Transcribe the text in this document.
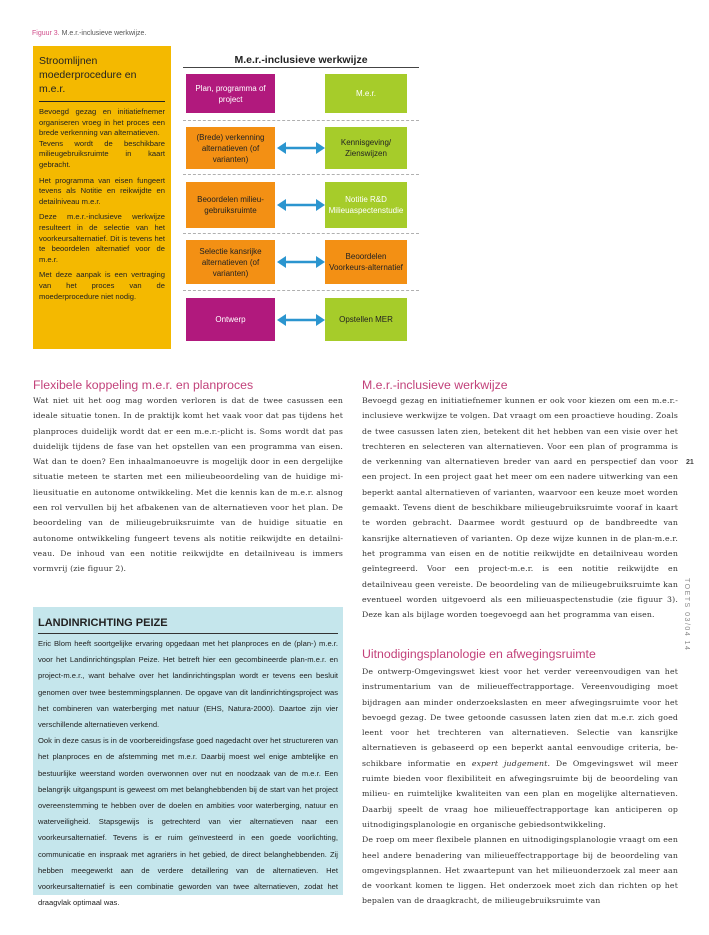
Figuur 3. M.e.r.-inclusieve werkwijze.
Stroomlijnen moederprocedure en m.e.r.
Bevoegd gezag en initiatiefnemer organiseren vroeg in het proces een brede verkenning van alternatieven.
Tevens wordt de beschikbare milieugebruiksruimte in kaart gebracht.
Het programma van eisen fungeert tevens als Notitie en reikwijdte en detailniveau m.e.r.
Deze m.e.r.-inclusieve werkwijze resulteert in de selectie van het voorkeursalternatief. Dit is tevens het te beoordelen alternatief voor de m.e.r.
Met deze aanpak is een vertraging van het proces van de moederprocedure niet nodig.
M.e.r.-inclusieve werkwijze
Plan, programma of project
M.e.r.
(Brede) verkenning alternatieven (of varianten)
Kennisgeving/ Zienswijzen
Beoordelen milieugebruiksruimte
Notitie R&D Milieuaspectenstudie
Selectie kansrijke alternatieven (of varianten)
Beoordelen Voorkeurs-alternatief
Ontwerp	Opstellen MER
Flexibele koppeling m.e.r. en planproces
Wat niet uit het oog mag worden verloren is dat de twee casussen een ideale situatie tonen. In de praktijk komt het vaak voor dat pas tijdens het planproces duidelijk wordt dat er een m.e.r.-plicht is. Soms wordt dat pas duidelijk tijdens de fase van het opstellen van een programma van eisen. Wat dan te doen? Een inhaalmanoeuvre is mogelijk door in een dergelijke situatie meteen te starten met een milieubeoordeling van de huidige milieusituatie en autonome ontwikkeling. Met die kennis kan de m.e.r. alsnog een rol vervullen bij het afbakenen van de alternatieven voor het plan. De beoordeling van de milieugebruiksruimte van de huidige situatie en autonome ontwikkeling fungeert tevens als notitie reikwijdte en detailniveau. De inhoud van een notitie reikwijdte en detailniveau is immers vormvrij (zie figuur 2).
LANDINRICHTING PEIZE
Eric Blom heeft soortgelijke ervaring opgedaan met het planproces en de (plan-) m.e.r. voor het Landinrichtingsplan Peize. Het betreft hier een gecombineerde plan-m.e.r. en project-m.e.r., want behalve over het landinrichtingsplan wordt er tevens een besluit genomen over twee bestemmingsplannen. De opgave van dit landinrichtingsproject was het combineren van waterberging met natuur (EHS, Natura-2000). Daartoe zijn vier verschillende alternatieven verkend.
Ook in deze casus is in de voorbereidingsfase goed nagedacht over het structureren van het planproces en de afstemming met m.e.r. Daarbij moest wel enige ambtelijke en bestuurlijke weerstand worden overwonnen over nut en noodzaak van de m.e.r. Een belangrijk uitgangspunt is geweest om met belanghebbenden bij de start van het project overeenstemming te hebben over de doelen en ambities voor waterberging, natuur en waterveiligheid. Stapsgewijs is getrechterd van vier alternatieven naar een voorkeursalternatief. Tevens is er ruim geïnvesteerd in een goede voorlichting, communicatie en inspraak met agrariërs in het gebied, de direct belanghebbenden. Zij hebben meegewerkt aan de verdere detaillering van de alternatieven. Het voorkeursalternatief is een combinatie geworden van twee alternatieven, zodat het draagvlak optimaal was.
M.e.r.-inclusieve werkwijze
Bevoegd gezag en initiatiefnemer kunnen er ook voor kiezen om een m.e.r.-inclusieve werkwijze te volgen. Dat vraagt om een proactieve houding. Zoals de twee casussen laten zien, betekent dit het hebben van een visie over het trechteren en selecteren van alternatieven. Voor een plan of programma is de verkenning van alternatieven breder van aard en perspectief dan voor een project. In een project gaat het meer om een nadere uitwerking van een beperkt aantal alternatieven of varianten, waarvoor een keuze moet worden gemaakt. Tevens dient de beschikbare milieugebruiksruimte vooraf in kaart te worden gebracht. Daarmee wordt gestuurd op de bandbreedte van kansrijke alternatieven of varianten. Op deze wijze kunnen in de plan-m.e.r. het programma van eisen en de notitie reikwijdte en detailniveau worden geïntegreerd. Voor een project-m.e.r. is een notitie reikwijdte en detailniveau geen vereiste. De beoordeling van de milieugebruiksruimte kan eventueel worden uitgevoerd als een milieuaspectenstudie (zie figuur 3). Deze kan als bijlage worden toegevoegd aan het programma van eisen.
Uitnodigingsplanologie en afwegingsruimte
De ontwerp-Omgevingswet kiest voor het verder vereenvoudigen van het instrumentarium van de milieueffectrapportage. Vereenvoudiging moet bijdragen aan minder onderzoekslasten en meer afwegingsruimte voor het bevoegd gezag. De twee getoonde casussen laten zien dat m.e.r. zich goed leent voor het trechteren van alternatieven. Selectie van kansrijke alternatieven is gebaseerd op een beperkt aantal eenvoudige criteria, beschikbare informatie en expert judgement. De Omgevingswet wil meer ruimte bieden voor flexibiliteit en afwegingsruimte bij de beoordeling van milieu- en ruimtelijke kwaliteiten van een plan en mogelijke alternatieven. Daarbij speelt de vraag hoe milieueffectrapportage kan anticiperen op uitnodigingsplanologie en organische gebiedsontwikkeling.
De roep om meer flexibele plannen en uitnodigingsplanologie vraagt om een heel andere benadering van milieueffectrapportage bij de beoordeling van omgevingsplannen. Het zwaartepunt van het milieuonderzoek zal meer aan de voorkant komen te liggen. Het onderzoek moet zich dan richten op het bepalen van de draagkracht, de milieugebruiksruimte van
21
TOETS 03/04 14
